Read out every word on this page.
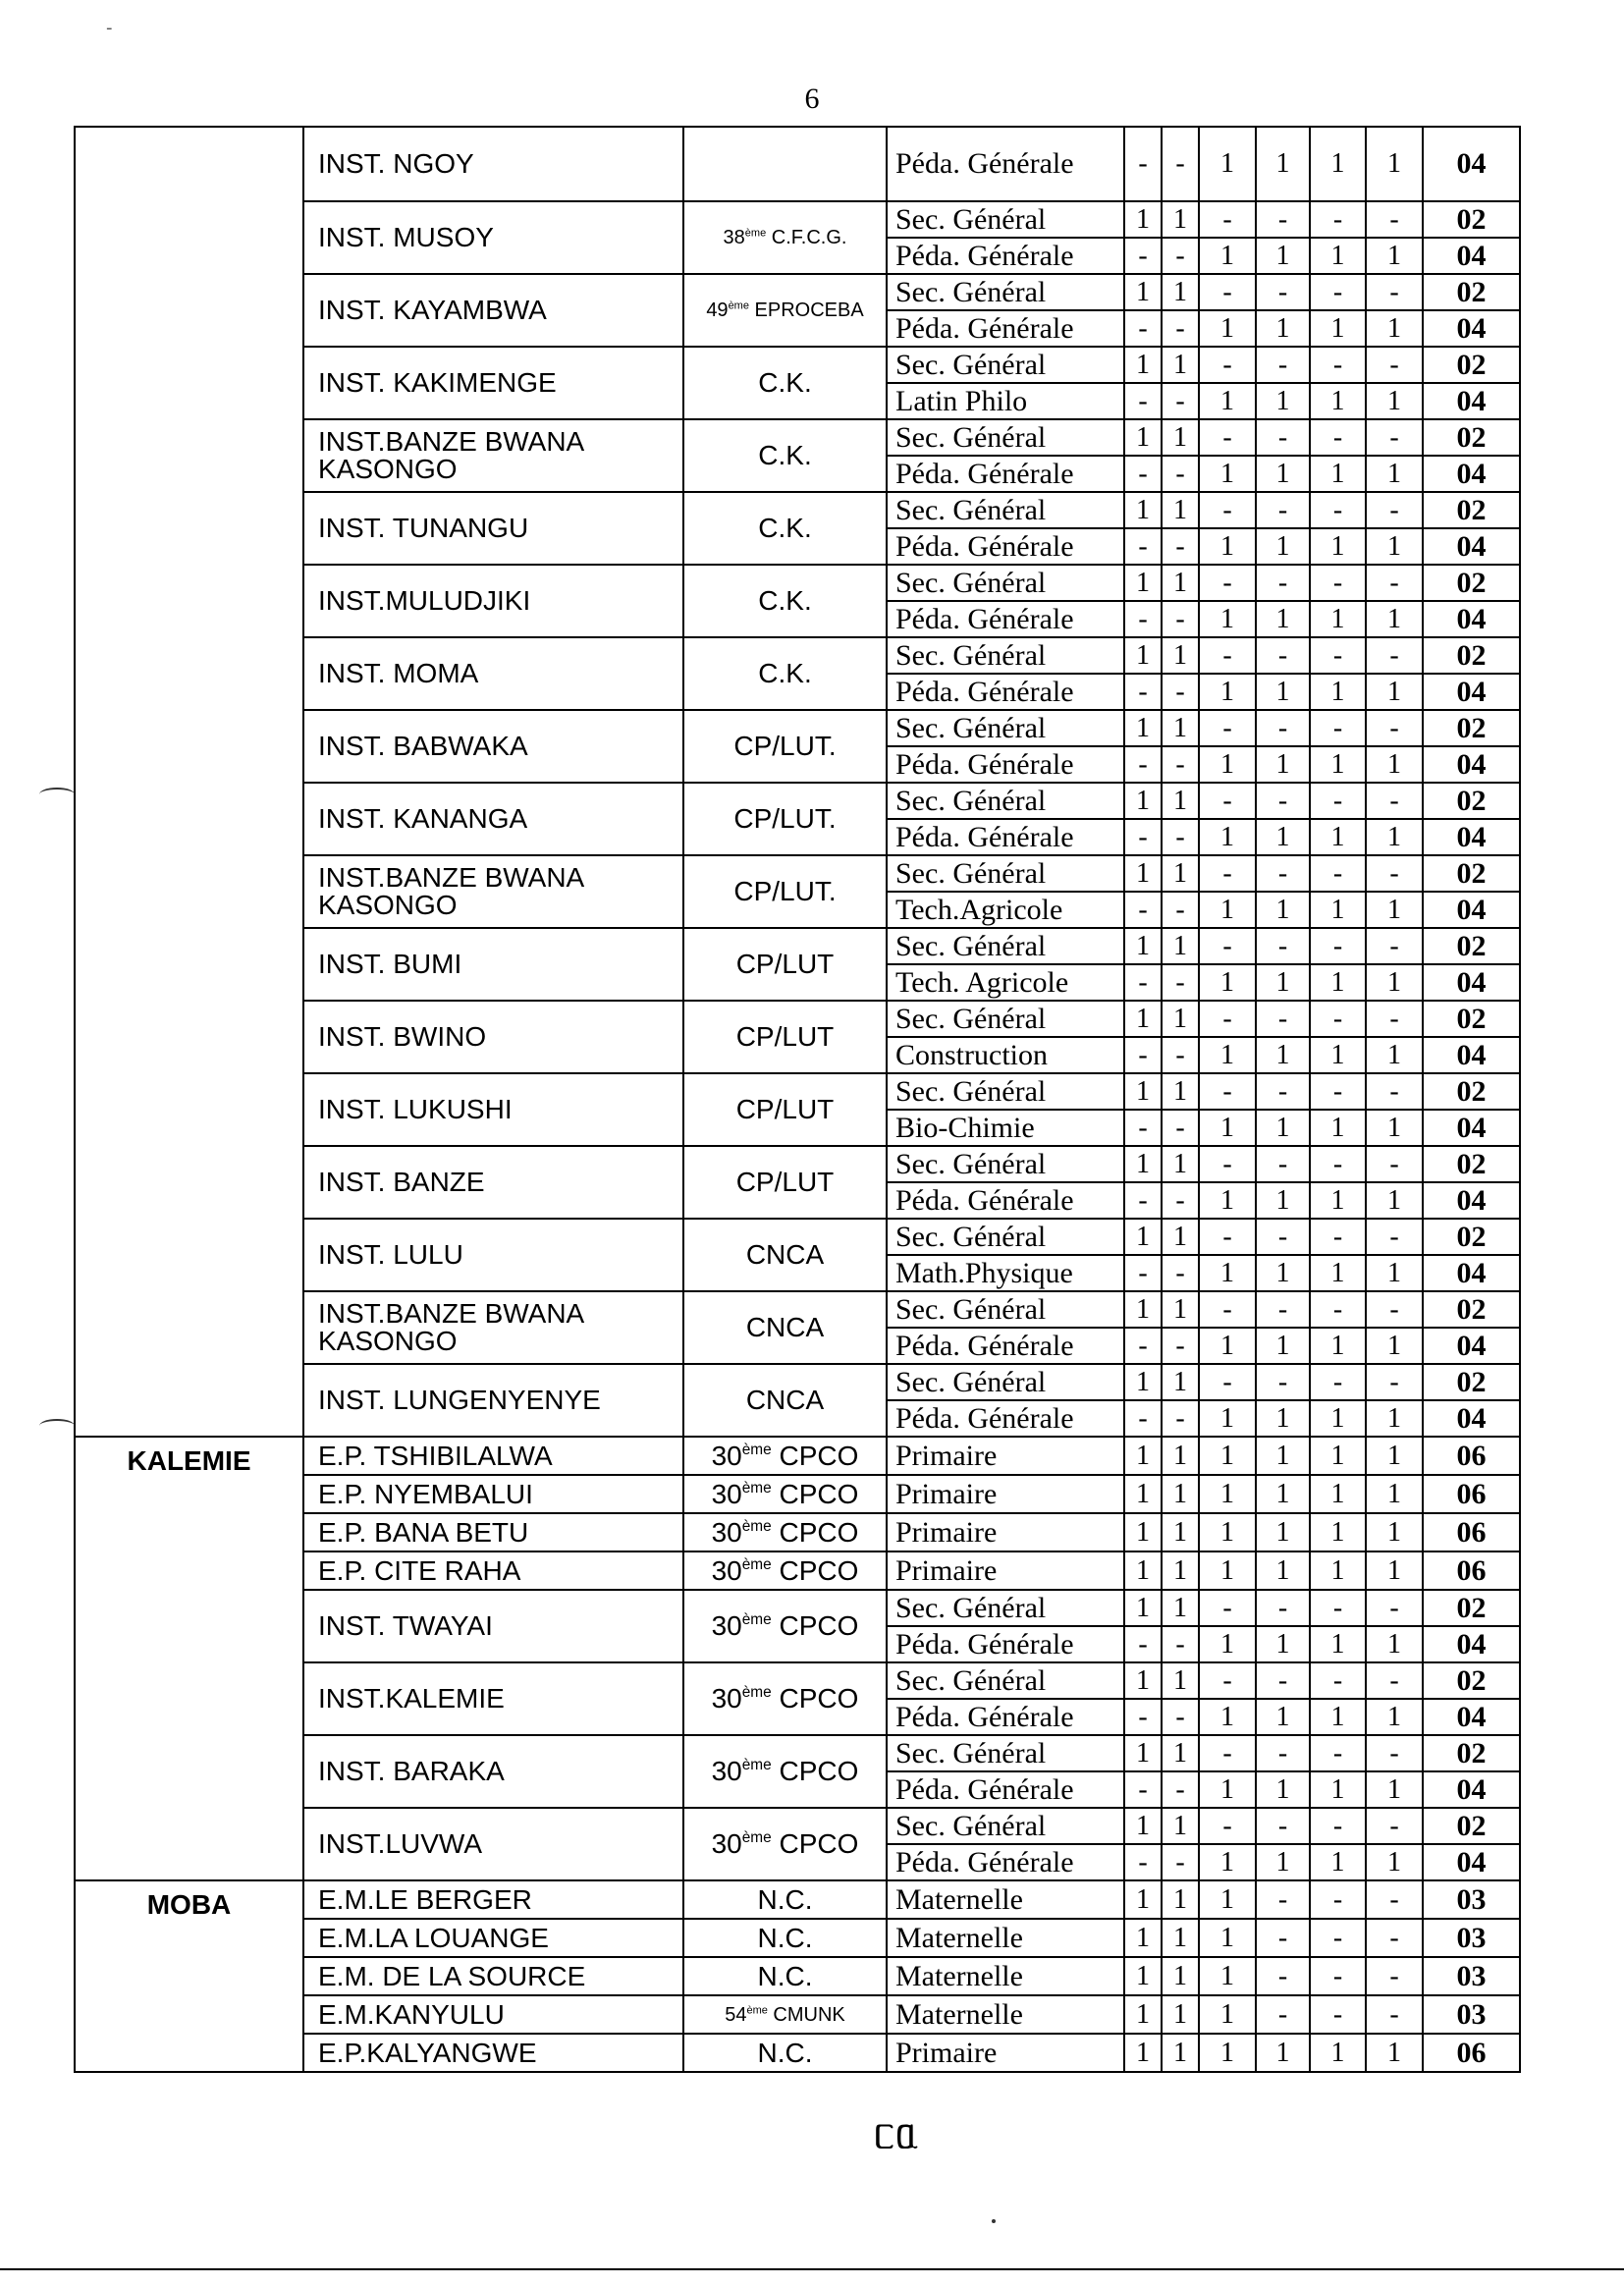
-
6
	INST. NGOY		Péda. Générale	-	-	1	1	1	1	04
	INST. MUSOY	38ème C.F.C.G.	Sec. Général	1	1	-	-	-	-	02
			Péda. Générale	-	-	1	1	1	1	04
	INST. KAYAMBWA	49ème EPROCEBA	Sec. Général	1	1	-	-	-	-	02
			Péda. Générale	-	-	1	1	1	1	04
	INST. KAKIMENGE	C.K.	Sec. Général	1	1	-	-	-	-	02
			Latin Philo	-	-	1	1	1	1	04
	INST.BANZE BWANA KASONGO	C.K.	Sec. Général	1	1	-	-	-	-	02
			Péda. Générale	-	-	1	1	1	1	04
	INST. TUNANGU	C.K.	Sec. Général	1	1	-	-	-	-	02
			Péda. Générale	-	-	1	1	1	1	04
	INST.MULUDJIKI	C.K.	Sec. Général	1	1	-	-	-	-	02
			Péda. Générale	-	-	1	1	1	1	04
	INST. MOMA	C.K.	Sec. Général	1	1	-	-	-	-	02
			Péda. Générale	-	-	1	1	1	1	04
	INST. BABWAKA	CP/LUT.	Sec. Général	1	1	-	-	-	-	02
			Péda. Générale	-	-	1	1	1	1	04
	INST. KANANGA	CP/LUT.	Sec. Général	1	1	-	-	-	-	02
			Péda. Générale	-	-	1	1	1	1	04
	INST.BANZE BWANA KASONGO	CP/LUT.	Sec. Général	1	1	-	-	-	-	02
			Tech.Agricole	-	-	1	1	1	1	04
	INST. BUMI	CP/LUT	Sec. Général	1	1	-	-	-	-	02
			Tech. Agricole	-	-	1	1	1	1	04
	INST. BWINO	CP/LUT	Sec. Général	1	1	-	-	-	-	02
			Construction	-	-	1	1	1	1	04
	INST. LUKUSHI	CP/LUT	Sec. Général	1	1	-	-	-	-	02
			Bio-Chimie	-	-	1	1	1	1	04
	INST. BANZE	CP/LUT	Sec. Général	1	1	-	-	-	-	02
			Péda. Générale	-	-	1	1	1	1	04
	INST. LULU	CNCA	Sec. Général	1	1	-	-	-	-	02
			Math.Physique	-	-	1	1	1	1	04
	INST.BANZE BWANA KASONGO	CNCA	Sec. Général	1	1	-	-	-	-	02
			Péda. Générale	-	-	1	1	1	1	04
	INST. LUNGENYENYE	CNCA	Sec. Général	1	1	-	-	-	-	02
			Péda. Générale	-	-	1	1	1	1	04
KALEMIE	E.P. TSHIBILALWA	30ème CPCO	Primaire	1	1	1	1	1	1	06
	E.P. NYEMBALUI	30ème CPCO	Primaire	1	1	1	1	1	1	06
	E.P. BANA BETU	30ème CPCO	Primaire	1	1	1	1	1	1	06
	E.P. CITE RAHA	30ème CPCO	Primaire	1	1	1	1	1	1	06
	INST. TWAYAI	30ème CPCO	Sec. Général	1	1	-	-	-	-	02
			Péda. Générale	-	-	1	1	1	1	04
	INST.KALEMIE	30ème CPCO	Sec. Général	1	1	-	-	-	-	02
			Péda. Générale	-	-	1	1	1	1	04
	INST. BARAKA	30ème CPCO	Sec. Général	1	1	-	-	-	-	02
			Péda. Générale	-	-	1	1	1	1	04
	INST.LUVWA	30ème CPCO	Sec. Général	1	1	-	-	-	-	02
			Péda. Générale	-	-	1	1	1	1	04
MOBA	E.M.LE BERGER	N.C.	Maternelle	1	1	1	-	-	-	03
	E.M.LA LOUANGE	N.C.	Maternelle	1	1	1	-	-	-	03
	E.M. DE LA SOURCE	N.C.	Maternelle	1	1	1	-	-	-	03
	E.M.KANYULU	54ème CMUNK	Maternelle	1	1	1	-	-	-	03
	E.P.KALYANGWE	N.C.	Primaire	1	1	1	1	1	1	06
ᥴᥲ
